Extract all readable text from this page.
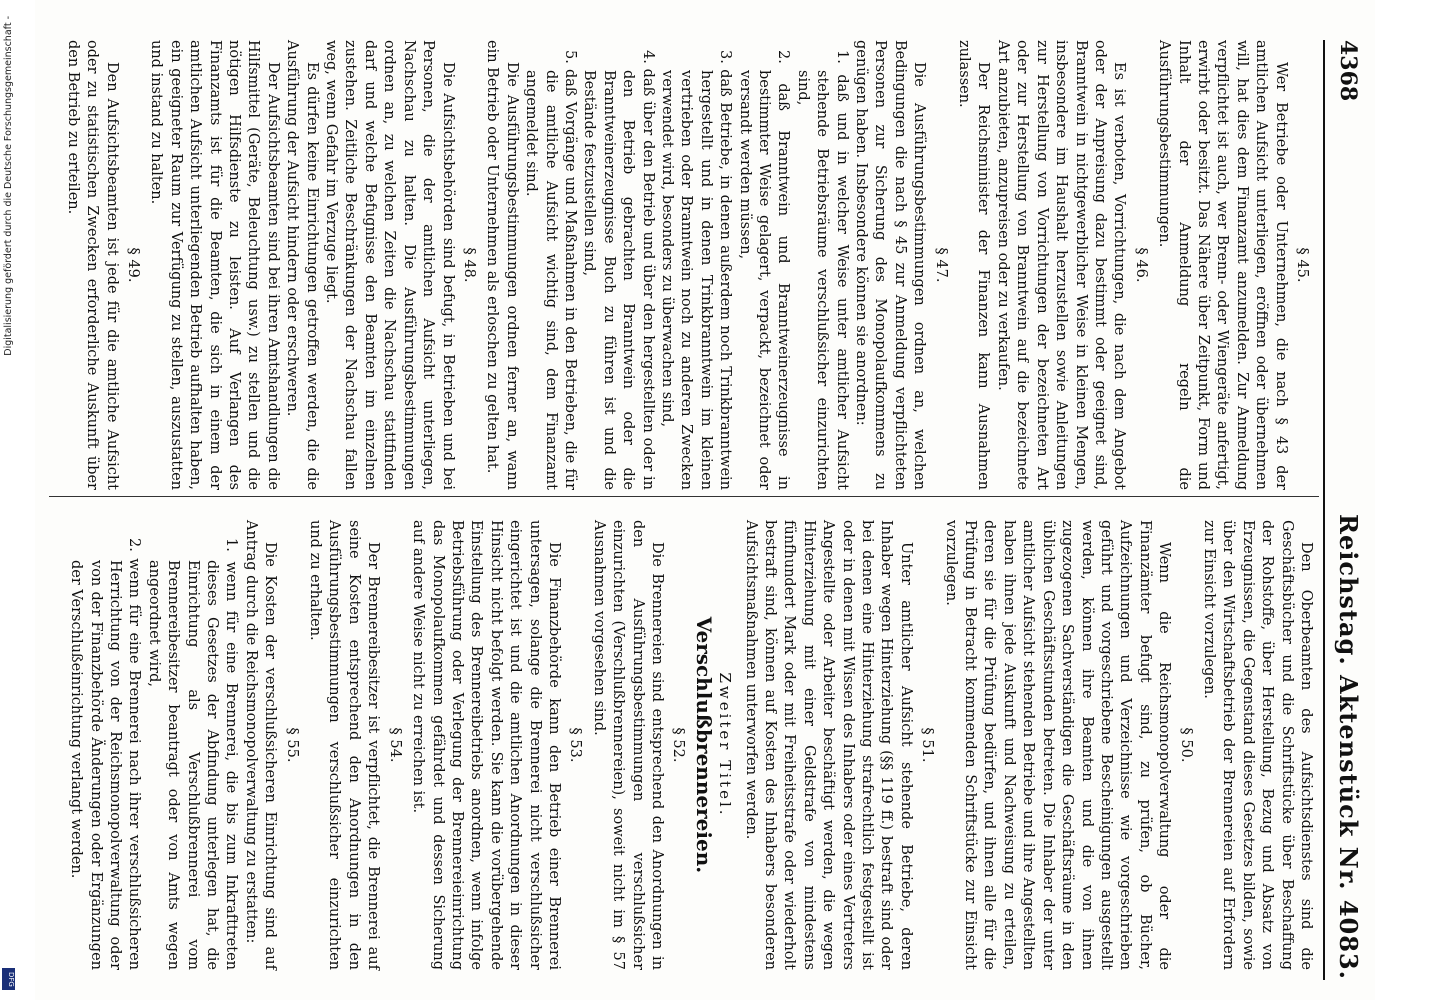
Digitalisierung gefördert durch die Deutsche Forschungsgemeinschaft -
DFG
4368
Reichstag. Aktenstück Nr. 4083.
§ 45.

Wer Betriebe oder Unternehmen, die nach § 43 der amtlichen Aufsicht unterliegen, eröffnen oder übernehmen will, hat dies dem Finanzamt anzumelden. Zur Anmeldung verpflichtet ist auch, wer Brenn- oder Wiengeräte anfertigt, erwirbt oder besitzt. Das Nähere über Zeitpunkt, Form und Inhalt der Anmeldung regeln die Ausführungsbestimmungen.

§ 46.

Es ist verboten, Vorrichtungen, die nach dem Angebot oder der Anpreisung dazu bestimmt oder geeignet sind, Branntwein in nichtgewerblicher Weise in kleinen Mengen, insbesondere im Haushalt herzustellen sowie Anleitungen zur Herstellung von Vorrichtungen der bezeichneten Art oder zur Herstellung von Branntwein auf die bezeichnete Art anzubieten, anzupreisen oder zu verkaufen.

Der Reichsminister der Finanzen kann Ausnahmen zulassen.

§ 47.

Die Ausführungsbestimmungen ordnen an, welchen Bedingungen die nach § 45 zur Anmeldung verpflichteten Personen zur Sicherung des Monopolaufkommens zu genügen haben. Insbesondere können sie anordnen:

1. daß und in welcher Weise unter amtlicher Aufsicht stehende Betriebsräume verschlußsicher einzurichten sind,

2. daß Branntwein und Branntweinerzeugnisse in bestimmter Weise gelagert, verpackt, bezeichnet oder versandt werden müssen,

3. daß Betriebe, in denen außerdem noch Trinkbranntwein hergestellt und in denen Trinkbranntwein im kleinen vertrieben oder Branntwein noch zu anderen Zwecken verwendet wird, besonders zu überwachen sind,

4. daß über den Betrieb und über den hergestellten oder in den Betrieb gebrachten Branntwein oder die Branntweinerzeugnisse Buch zu führen ist und die Bestände festzustellen sind,

5. daß Vorgänge und Maßnahmen in den Betrieben, die für die amtliche Aufsicht wichtig sind, dem Finanzamt angemeldet sind.

Die Ausführungsbestimmungen ordnen ferner an, wann ein Betrieb oder Unternehmen als erloschen zu gelten hat.

§ 48.

Die Aufsichtsbehörden sind befugt, in Betrieben und bei Personen, die der amtlichen Aufsicht unterliegen, Nachschau zu halten. Die Ausführungsbestimmungen ordnen an, zu welchen Zeiten die Nachschau stattfinden darf und welche Befugnisse den Beamten im einzelnen zustehen. Zeitliche Beschränkungen der Nachschau fallen weg, wenn Gefahr im Verzuge liegt.

Es dürfen keine Einrichtungen getroffen werden, die die Ausführung der Aufsicht hindern oder erschweren.

Der Aufsichtsbeamten sind bei ihren Amtshandlungen die Hilfsmittel (Geräte, Beleuchtung usw.) zu stellen und die nötigen Hilfsdienste zu leisten. Auf Verlangen des Finanzamts ist für die Beamten, die sich in einem der amtlichen Aufsicht unterliegenden Betrieb aufhalten haben, ein geeigneter Raum zur Verfügung zu stellen, auszustatten und instand zu halten.

§ 49.

Den Aufsichtsbeamten ist jede für die amtliche Aufsicht oder zu statistischen Zwecken erforderliche Auskunft über den Betrieb zu erteilen.

Den Oberbeamten des Aufsichtsdienstes sind die Geschäftsbücher und die Schriftstücke über Beschaffung der Rohstoffe, über Herstellung, Bezug und Absatz von Erzeugnissen, die Gegenstand dieses Gesetzes bilden, sowie über den Wirtschaftsbetrieb der Brennereien auf Erfordern zur Einsicht vorzulegen.

§ 50.

Wenn die Reichsmonopolverwaltung oder die Finanzämter befugt sind, zu prüfen, ob Bücher, Aufzeichnungen und Verzeichnisse wie vorgeschrieben geführt und vorgeschriebene Bescheinigungen ausgestellt werden, können ihre Beamten und die von ihnen zugezogenen Sachverständigen die Geschäftsräume in den üblichen Geschäftsstunden betreten. Die Inhaber der unter amtlicher Aufsicht stehenden Betriebe und ihre Angestellten haben ihnen jede Auskunft und Nachweisung zu erteilen, deren sie für die Prüfung bedürfen, und ihnen alle für die Prüfung in Betracht kommenden Schriftstücke zur Einsicht vorzulegen.

§ 51.

Unter amtlicher Aufsicht stehende Betriebe, deren Inhaber wegen Hinterziehung (§§ 119 ff.) bestraft sind oder bei denen eine Hinterziehung strafrechtlich festgestellt ist oder in denen mit Wissen des Inhabers oder eines Vertreters Angestellte oder Arbeiter beschäftigt werden, die wegen Hinterziehung mit einer Geldstrafe von mindestens fünfhundert Mark oder mit Freiheitsstrafe oder wiederholt bestraft sind, können auf Kosten des Inhabers besonderen Aufsichtsmaßnahmen unterworfen werden.

Zweiter Titel.
Verschlußbrennereien.
§ 52.

Die Brennereien sind entsprechend den Anordnungen in den Ausführungsbestimmungen verschlußsicher einzurichten (Verschlußbrennereien), soweit nicht im § 57 Ausnahmen vorgesehen sind.

§ 53.

Die Finanzbehörde kann den Betrieb einer Brennerei untersagen, solange die Brennerei nicht verschlußsicher eingerichtet ist und die amtlichen Anordnungen in dieser Hinsicht nicht befolgt werden. Sie kann die vorübergehende Einstellung des Brennereibetriebs anordnen, wenn infolge Betriebsführung oder Verlegung der Brennereieinrichtung das Monopolaufkommen gefährdet und dessen Sicherung auf andere Weise nicht zu erreichen ist.

§ 54.

Der Brennereibesitzer ist verpflichtet, die Brennerei auf seine Kosten entsprechend den Anordnungen in den Ausführungsbestimmungen verschlußsicher einzurichten und zu erhalten.

§ 55.

Die Kosten der verschlußsicheren Einrichtung sind auf Antrag durch die Reichsmonopolverwaltung zu erstatten:

1. wenn für eine Brennerei, die bis zum Inkrafttreten dieses Gesetzes der Abfindung unterlegen hat, die Einrichtung als Verschlußbrennerei vom Brennereibesitzer beantragt oder von Amts wegen angeordnet wird,

2. wenn für eine Brennerei nach ihrer verschlußsicheren Herrichtung von der Reichsmonopolverwaltung oder von der Finanzbehörde Änderungen oder Ergänzungen der Verschlußeinrichtung verlangt werden.
